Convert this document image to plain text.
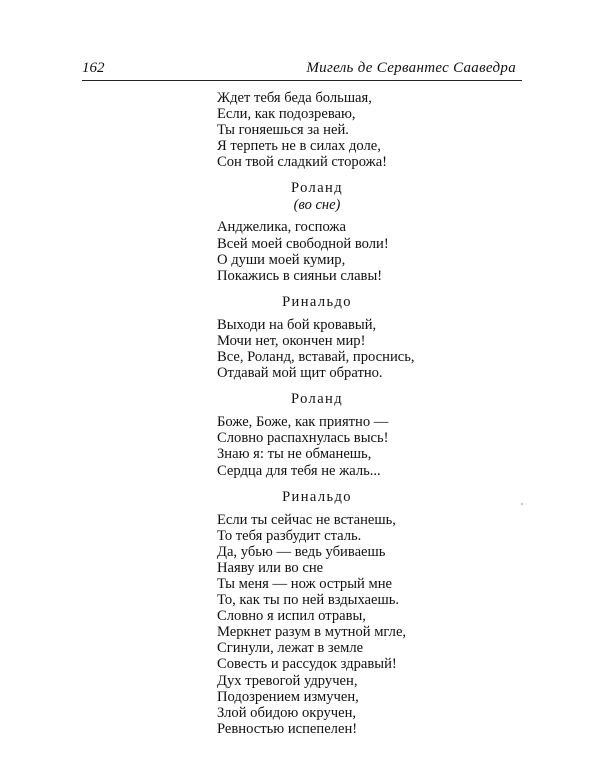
162	Мигель де Сервантес Сааведра
Ждет тебя беда большая,
Если, как подозреваю,
Ты гоняешься за ней.
Я терпеть не в силах доле,
Сон твой сладкий сторожа!
Роланд
(во сне)
Анджелика, госпожа
Всей моей свободной воли!
О души моей кумир,
Покажись в сияньи славы!
Ринальдо
Выходи на бой кровавый,
Мочи нет, окончен мир!
Все, Роланд, вставай, проснись,
Отдавай мой щит обратно.
Роланд
Боже, Боже, как приятно —
Словно распахнулась высь!
Знаю я: ты не обманешь,
Сердца для тебя не жаль...
Ринальдо
Если ты сейчас не встанешь,
То тебя разбудит сталь.
Да, убью — ведь убиваешь
Наяву или во сне
Ты меня — нож острый мне
То, как ты по ней вздыхаешь.
Словно я испил отравы,
Меркнет разум в мутной мгле,
Сгинули, лежат в земле
Совесть и рассудок здравый!
Дух тревогой удручен,
Подозрением измучен,
Злой обидою окручен,
Ревностью испепелен!
